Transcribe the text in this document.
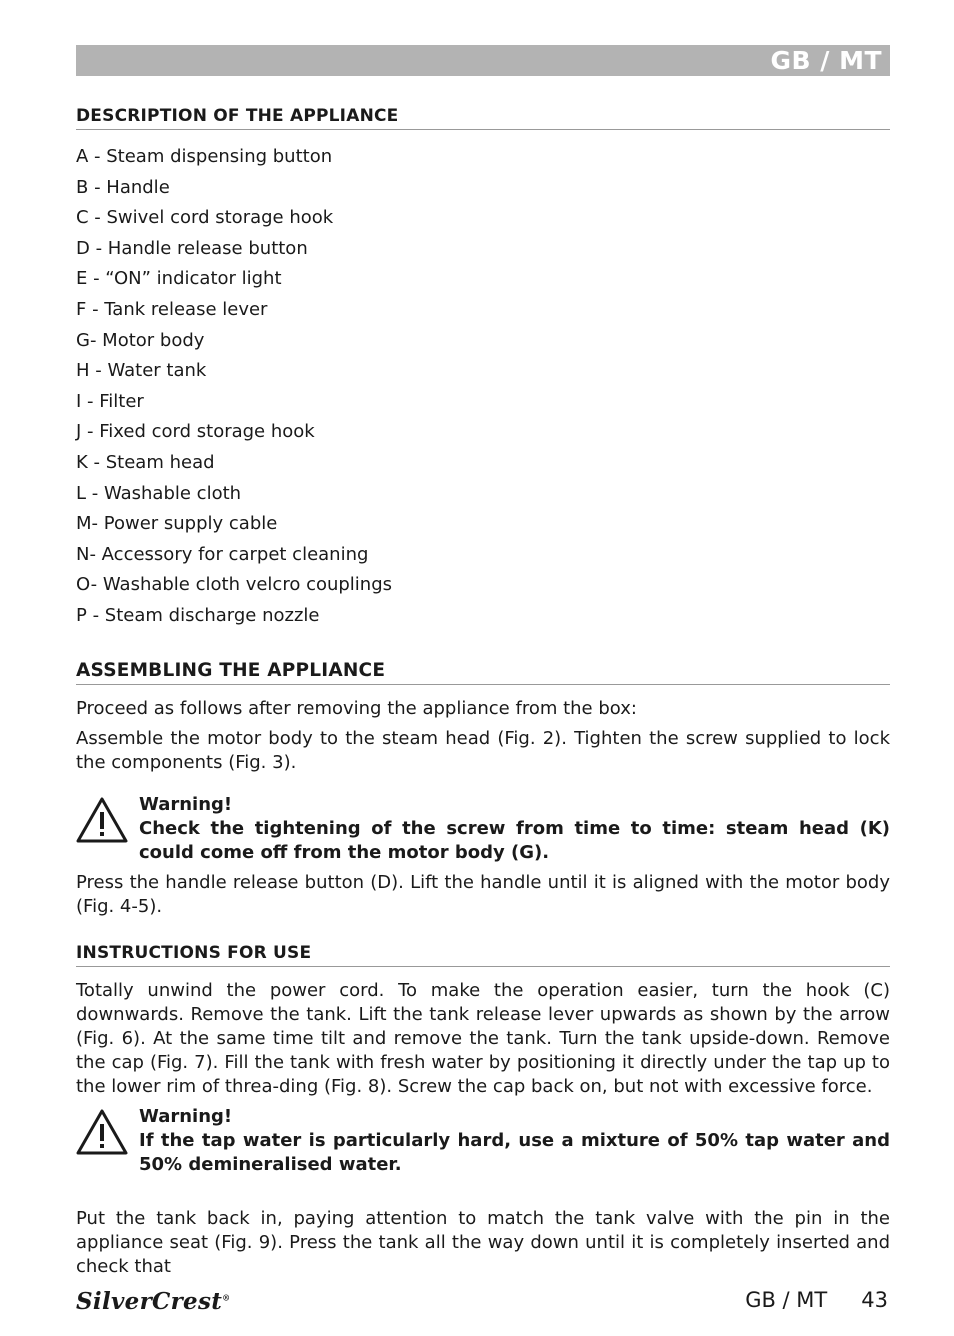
GB / MT
DESCRIPTION OF THE APPLIANCE
A - Steam dispensing button
B - Handle
C - Swivel cord storage hook
D - Handle release button
E - “ON” indicator light
F - Tank release lever
G- Motor body
H - Water tank
I - Filter
J - Fixed cord storage hook
K - Steam head
L - Washable cloth
M- Power supply cable
N- Accessory for carpet cleaning
O- Washable cloth velcro couplings
P - Steam discharge nozzle
ASSEMBLING THE APPLIANCE

Proceed as follows after removing the appliance from the box:

Assemble the motor body to the steam head (Fig. 2). Tighten the screw supplied to lock the components (Fig. 3).

Warning!
Check the tightening of the screw from time to time: steam head (K) could come off from the motor body (G).

Press the handle release button (D). Lift the handle until it is aligned with the motor body (Fig. 4-5).

INSTRUCTIONS FOR USE

Totally unwind the power cord. To make the operation easier, turn the hook (C) downwards. Remove the tank. Lift the tank release lever upwards as shown by the arrow (Fig. 6). At the same time tilt and remove the tank. Turn the tank upside-down. Remove the cap (Fig. 7). Fill the tank with fresh water by positioning it directly under the tap up to the lower rim of threa-ding (Fig. 8). Screw the cap back on, but not with excessive force.

Warning!
If the tap water is particularly hard, use a mixture of 50% tap water and 50% demineralised water.

Put the tank back in, paying attention to match the tank valve with the pin in the appliance seat (Fig. 9). Press the tank all the way down until it is completely inserted and check that

SilverCrest®	GB / MT 43
